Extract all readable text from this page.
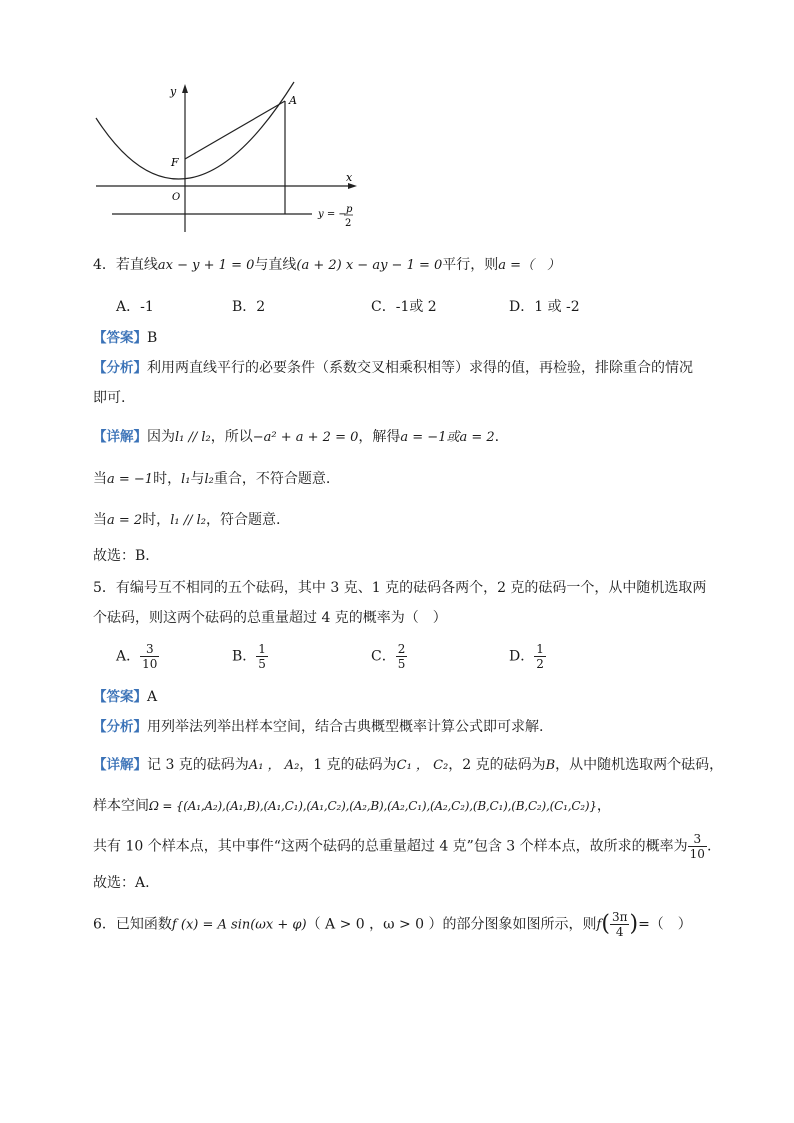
y
x
A
F
O
y = − p
2
4．若直线ax − y + 1 = 0与直线(a + 2) x − ay − 1 = 0平行，则a =（　）
A．-1	B．2	C．-1或 2	D．1 或 -2
【答案】B
【分析】利用两直线平行的必要条件（系数交叉相乘积相等）求得的值，再检验，排除重合的情况
即可.
【详解】因为l₁ // l₂，所以−a² + a + 2 = 0，解得a = −1或a = 2.
当a = −1时，l₁与l₂重合，不符合题意.
当a = 2时，l₁ // l₂，符合题意.
故选：B.
5．有编号互不相同的五个砝码，其中 3 克、1 克的砝码各两个，2 克的砝码一个，从中随机选取两
个砝码，则这两个砝码的总重量超过 4 克的概率为（　）
A． $\frac{3}{10}$	B． $\frac{1}{5}$	C． $\frac{2}{5}$	D． $\frac{1}{2}$
【答案】A
【分析】用列举法列举出样本空间，结合古典概型概率计算公式即可求解.
【详解】记 3 克的砝码为A₁ ， A₂，1 克的砝码为C₁ ， C₂，2 克的砝码为B，从中随机选取两个砝码，
样本空间Ω = {(A₁,A₂),(A₁,B),(A₁,C₁),(A₁,C₂),(A₂,B),(A₂,C₁),(A₂,C₂),(B,C₁),(B,C₂),(C₁,C₂)}，
共有 10 个样本点，其中事件“这两个砝码的总重量超过 4 克”包含 3 个样本点，故所求的概率为 $\frac{3}{10}$ .
故选：A.
6．已知函数f (x) = A sin(ωx + φ)（ A > 0 ，ω > 0 ）的部分图象如图所示，则$f( \frac{3\pi}{4}$ )=（　）
